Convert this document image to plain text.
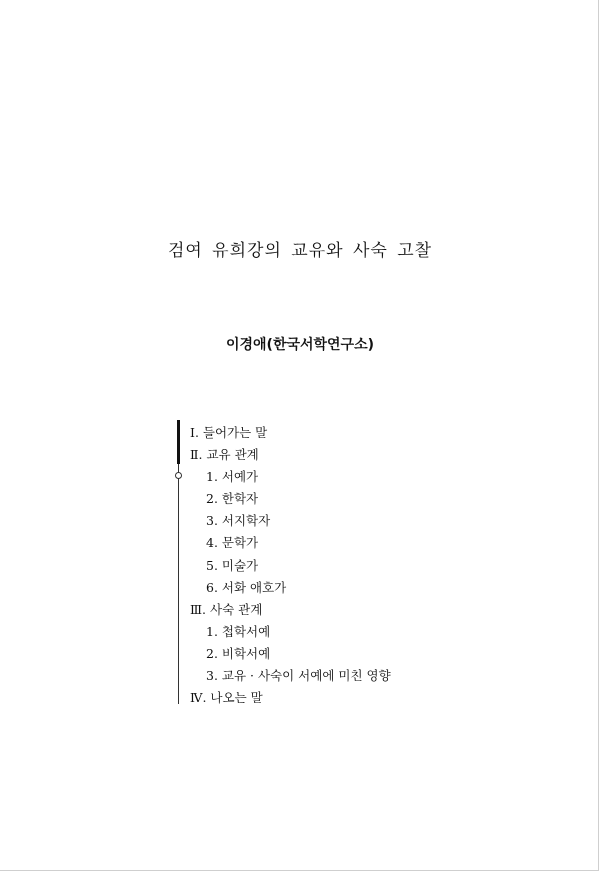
검여 유희강의 교유와 사숙 고찰
이경애(한국서학연구소)
Ⅰ. 들어가는 말
Ⅱ. 교유 관계
1. 서예가
2. 한학자
3. 서지학자
4. 문학가
5. 미술가
6. 서화 애호가
Ⅲ. 사숙 관계
1. 첩학서예
2. 비학서예
3. 교유 · 사숙이 서예에 미친 영향
Ⅳ. 나오는 말
